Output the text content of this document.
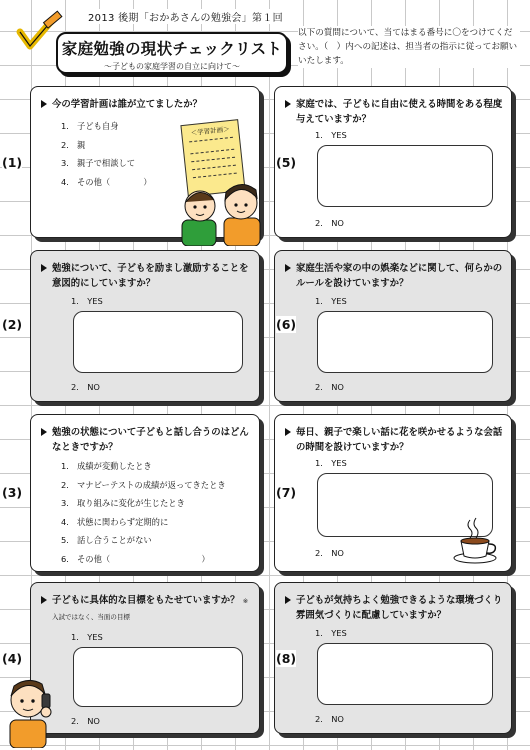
2013 後期「おかあさんの勉強会」第１回
家庭勉強の現状チェックリスト
〜子どもの家庭学習の自立に向けて〜
以下の質問について、当てはまる番号に〇をつけてください。（　）内への記述は、担当者の指示に従ってお願いいたします。
今の学習計画は誰が立てましたか？
1. 子ども自身
2. 親
3. 親子で相談して
4. その他（　　　　）
(1)
＜学習計画＞
勉強について、子どもを励まし激励することを意図的にしていますか？
1.　YES
2.　NO
(2)
勉強の状態について子どもと話し合うのはどんなときですか？
1. 成績が変動したとき
2. マナビーテストの成績が返ってきたとき
3. 取り組みに変化が生じたとき
4. 状態に関わらず定期的に
5. 話し合うことがない
6. その他（　　　　　　　　　　　）
(3)
子どもに具体的な目標をもたせていますか？ ※入試ではなく、当面の目標
1.　YES
2.　NO
(4)
家庭では、子どもに自由に使える時間をある程度与えていますか？
1.　YES
2.　NO
(5)
家庭生活や家の中の娯楽などに関して、何らかのルールを設けていますか？
1.　YES
2.　NO
(6)
毎日、親子で楽しい話に花を咲かせるような会話の時間を設けていますか？
1.　YES
2.　NO
(7)
子どもが気持ちよく勉強できるような環境づくり雰囲気づくりに配慮していますか？
1.　YES
2.　NO
(8)
